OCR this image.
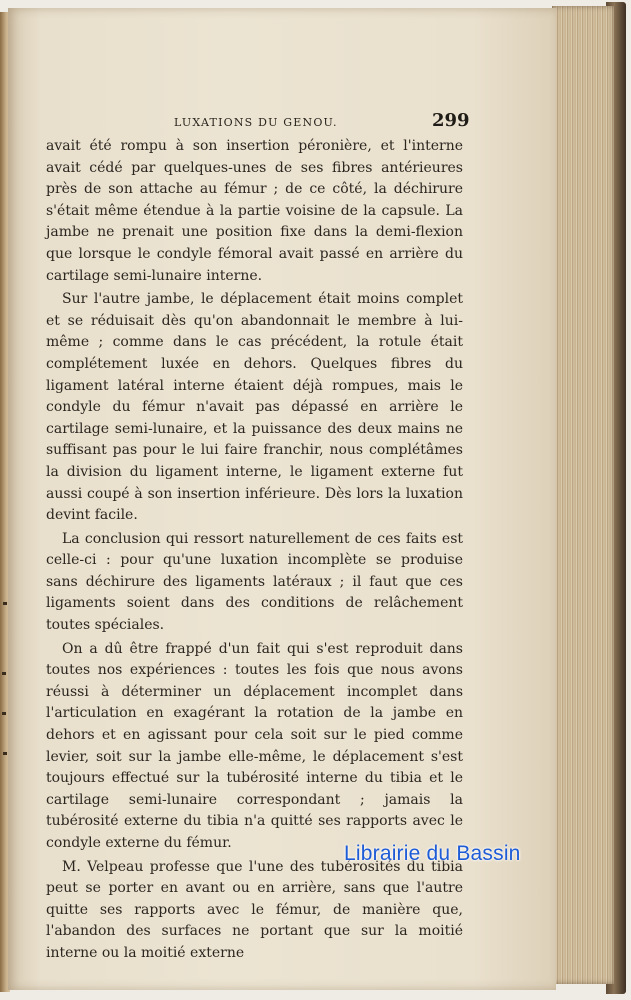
LUXATIONS DU GENOU.	299

avait été rompu à son insertion péronière, et l'interne avait cédé par quelques-unes de ses fibres antérieures près de son attache au fémur ; de ce côté, la déchirure s'était même étendue à la partie voisine de la capsule. La jambe ne prenait une position fixe dans la demi-flexion que lorsque le condyle fémoral avait passé en arrière du cartilage semi-lunaire interne.

Sur l'autre jambe, le déplacement était moins complet et se réduisait dès qu'on abandonnait le membre à lui-même ; comme dans le cas précédent, la rotule était complétement luxée en dehors. Quelques fibres du ligament latéral interne étaient déjà rompues, mais le condyle du fémur n'avait pas dépassé en arrière le cartilage semi-lunaire, et la puissance des deux mains ne suffisant pas pour le lui faire franchir, nous complétâmes la division du ligament interne, le ligament externe fut aussi coupé à son insertion inférieure. Dès lors la luxation devint facile.

La conclusion qui ressort naturellement de ces faits est celle-ci : pour qu'une luxation incomplète se produise sans déchirure des ligaments latéraux ; il faut que ces ligaments soient dans des conditions de relâchement toutes spéciales.

On a dû être frappé d'un fait qui s'est reproduit dans toutes nos expériences : toutes les fois que nous avons réussi à déterminer un déplacement incomplet dans l'articulation en exagérant la rotation de la jambe en dehors et en agissant pour cela soit sur le pied comme levier, soit sur la jambe elle-même, le déplacement s'est toujours effectué sur la tubérosité interne du tibia et le cartilage semi-lunaire correspondant ; jamais la tubérosité externe du tibia n'a quitté ses rapports avec le condyle externe du fémur.

M. Velpeau professe que l'une des tubérosités du tibia peut se porter en avant ou en arrière, sans que l'autre quitte ses rapports avec le fémur, de manière que, l'abandon des surfaces ne portant que sur la moitié interne ou la moitié externe

Librairie du Bassin
